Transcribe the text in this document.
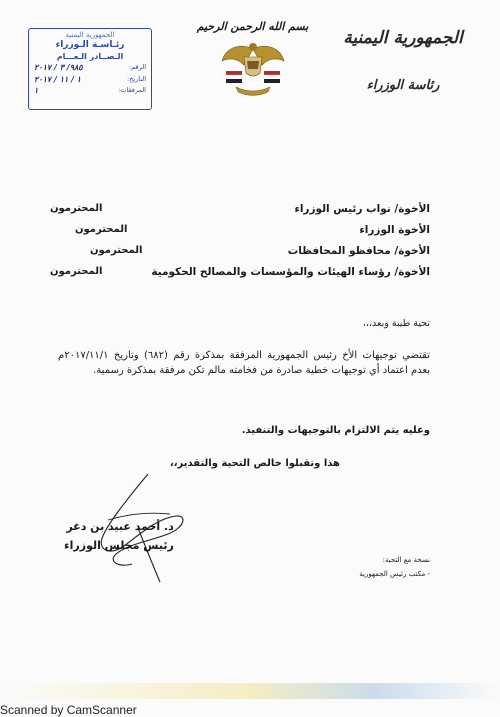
الجمهورية اليمنية
رئاسة الوزراء
بسم الله الرحمن الرحيم
الجمهورية اليمنية
رئـاسـة الـوزراء
الـصــادر الـعـــام
الرقم:
٩٨٥/ ٣ / ٢٠١٧
التاريخ:
١ / ١١ / ٢٠١٧
المرفقات:
١
الأخوة/ نواب رئيس الوزراء
المحترمون
الأخوة الوزراء
المحترمون
الأخوة/ محافظو المحافظات
المحترمون
الأخوة/ رؤساء الهيئات والمؤسسات والمصالح الحكومية
المحترمون
تحية طيبة وبعد،،،
تقتضي توجيهات الأخ رئيس الجمهورية المرفقة بمذكرة رقم (٦٨٢) وتاريخ ٢٠١٧/١١/١م بعدم اعتماد أي توجيهات خطية صادرة من فخامته مالم تكن مرفقة بمذكرة رسمية.
وعليه يتم الالتزام بالتوجيهات والتنفيذ.
هذا وتقبلوا خالص التحية والتقدير،،
د. أحمد عبيد بن دغر
رئيس مجلس الوزراء
نسخة مع التحية:
- مكتب رئيس الجمهورية
Scanned by CamScanner
